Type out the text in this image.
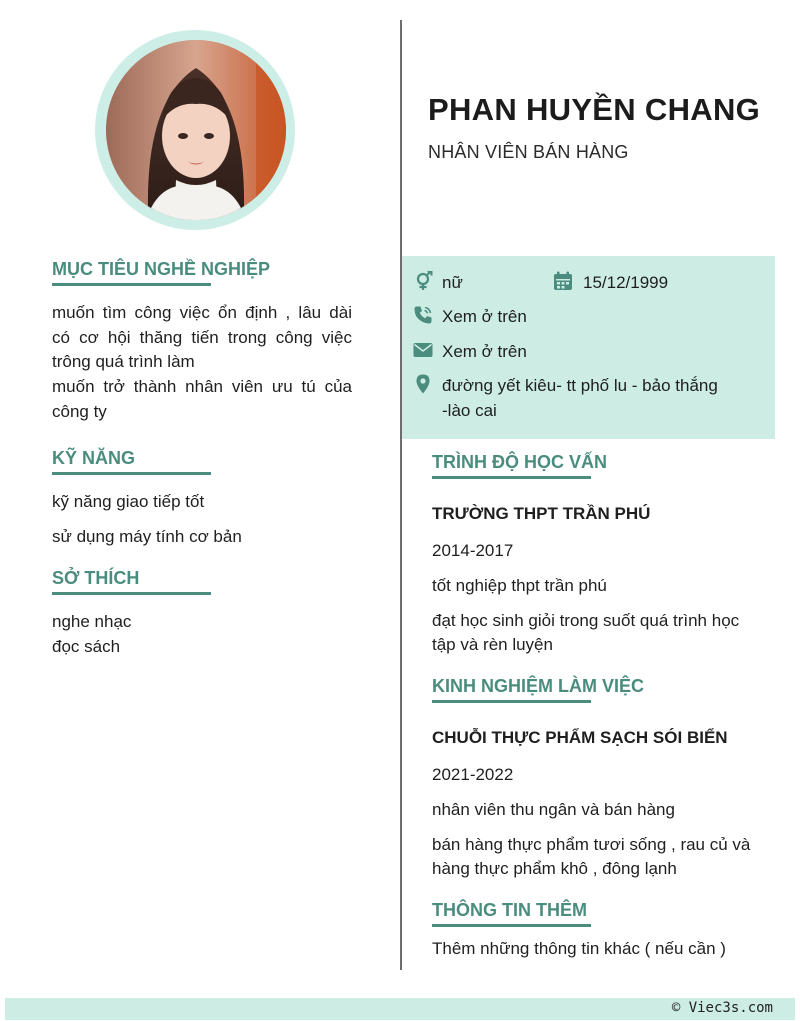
PHAN HUYỀN CHANG
NHÂN VIÊN BÁN HÀNG
nữ	15/12/1999
Xem ở trên
Xem ở trên
đường yết kiêu- tt phố lu - bảo thắng
-lào cai
MỤC TIÊU NGHỀ NGHIỆP
muốn tìm công việc ổn định , lâu dài
có cơ hội thăng tiến trong công việc
trông quá trình làm
muốn trở thành nhân viên ưu tú của
công ty
KỸ NĂNG
kỹ năng giao tiếp tốt
sử dụng máy tính cơ bản
SỞ THÍCH
nghe nhạc
đọc sách
TRÌNH ĐỘ HỌC VẤN
TRƯỜNG THPT TRẦN PHÚ
2014-2017
tốt nghiệp thpt trần phú
đạt học sinh giỏi trong suốt quá trình học
tập và rèn luyện
KINH NGHIỆM LÀM VIỆC
CHUỖI THỰC PHẨM SẠCH SÓI BIỂN
2021-2022
nhân viên thu ngân và bán hàng
bán hàng thực phẩm tươi sống , rau củ và
hàng thực phẩm khô , đông lạnh
THÔNG TIN THÊM
Thêm những thông tin khác ( nếu cần )
© Viec3s.com
